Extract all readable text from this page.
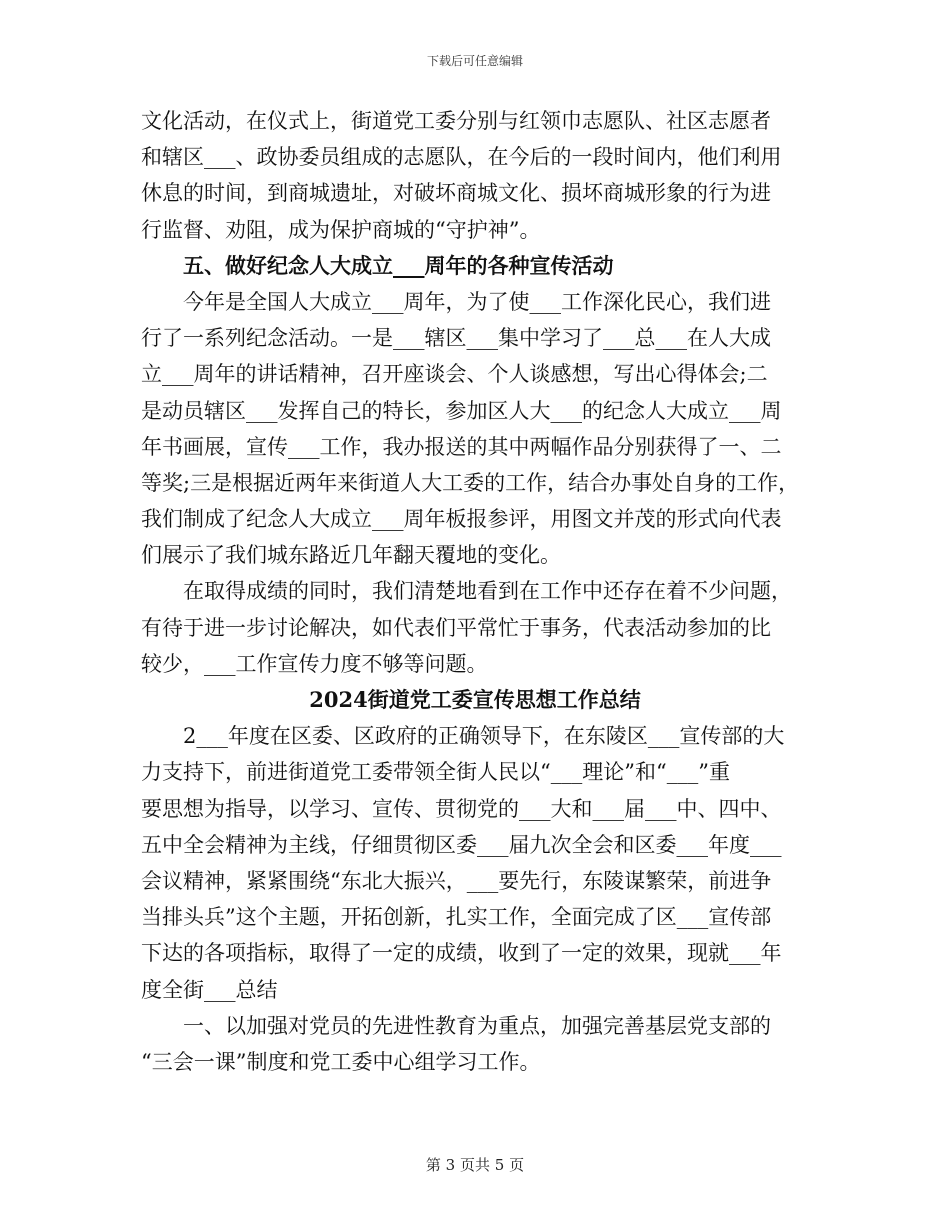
下载后可任意编辑
文化活动，在仪式上，街道党工委分别与红领巾志愿队、社区志愿者
和辖区___、政协委员组成的志愿队，在今后的一段时间内，他们利用
休息的时间，到商城遗址，对破坏商城文化、损坏商城形象的行为进
行监督、劝阻，成为保护商城的“守护神”。
五、做好纪念人大成立___周年的各种宣传活动
今年是全国人大成立___周年，为了使___工作深化民心，我们进
行了一系列纪念活动。一是___辖区___集中学习了___总___在人大成
立___周年的讲话精神，召开座谈会、个人谈感想，写出心得体会;二
是动员辖区___发挥自己的特长，参加区人大___的纪念人大成立___周
年书画展，宣传___工作，我办报送的其中两幅作品分别获得了一、二
等奖;三是根据近两年来街道人大工委的工作，结合办事处自身的工作，
我们制成了纪念人大成立___周年板报参评，用图文并茂的形式向代表
们展示了我们城东路近几年翻天覆地的变化。
在取得成绩的同时，我们清楚地看到在工作中还存在着不少问题，
有待于进一步讨论解决，如代表们平常忙于事务，代表活动参加的比
较少，___工作宣传力度不够等问题。
2024街道党工委宣传思想工作总结
2___年度在区委、区政府的正确领导下，在东陵区___宣传部的大
力支持下，前进街道党工委带领全街人民以“___理论”和“___”重
要思想为指导，以学习、宣传、贯彻党的___大和___届___中、四中、
五中全会精神为主线，仔细贯彻区委___届九次全会和区委___年度___
会议精神，紧紧围绕“东北大振兴，___要先行，东陵谋繁荣，前进争
当排头兵”这个主题，开拓创新，扎实工作，全面完成了区___宣传部
下达的各项指标，取得了一定的成绩，收到了一定的效果，现就___年
度全街___总结
一、以加强对党员的先进性教育为重点，加强完善基层党支部的
“三会一课”制度和党工委中心组学习工作。
第 3 页共 5 页
